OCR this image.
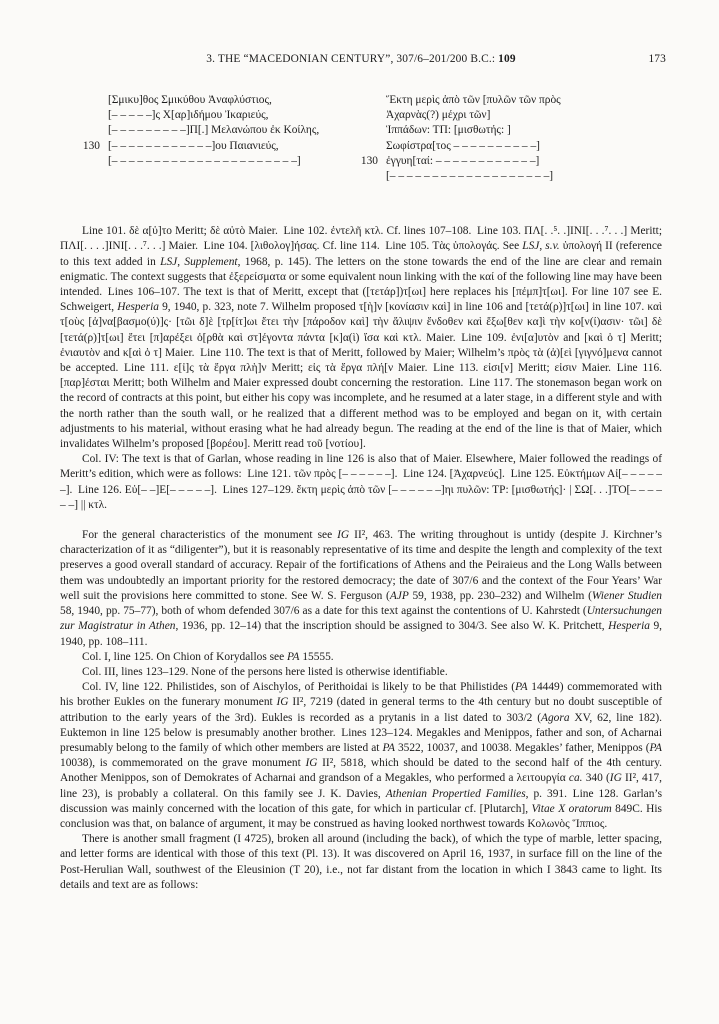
3. THE “MACEDONIAN CENTURY”, 307/6–201/200 B.C.: 109	173
[Σμικυ]θος Σμικύθου Ἀναφλύστιος,
[– – – – –]ς Χ[αρ]ιδήμου Ἰκαριεύς,
[– – – – – – – – –]Π[.] Μελανώπου ἐκ Κοίλης,
130 [– – – – – – – – – – – –]ου Παιανιεύς,
[– – – – – – – – – – – – – – – – – – – – – –]
Ἕκτη μερὶς ἀπὸ τῶν [πυλῶν τῶν πρὸς
Ἀχαρνὰς(?) μέχρι τῶν]
Ἱππάδων: ΤΠ: [μισθωτής: ]
Σωφίστρα[τος – – – – – – – – – –]
130 ἐγγυη[ταί: – – – – – – – – – – – –]
[– – – – – – – – – – – – – – – – – – –]

Line 101. δὲ α[ὐ]το Meritt; δὲ αὐτὸ Maier. Line 102. ἐντελῆ κτλ. Cf. lines 107–108. Line 103. ΠΛ[. .⁵. .]ΙΝΙ[. . .⁷. . .] Meritt; ΠΛΙ[. . . .]ΙΝΙ[. . .⁷. . .] Maier. Line 104. [λιθολογ]ήσας. Cf. line 114. Line 105. Τὰς ὑπολογάς. See LSJ, s.v. ὑπολογή II (reference to this text added in LSJ, Supplement, 1968, p. 145). The letters on the stone towards the end of the line are clear and remain enigmatic. The context suggests that ἐξερείσματα or some equivalent noun linking with the καί of the following line may have been intended. Lines 106–107. The text is that of Meritt, except that ([τετάρ])τ[ωι] here replaces his [πέμπ]τ[ωι]. For line 107 see E. Schweigert, Hesperia 9, 1940, p. 323, note 7. Wilhelm proposed τ[ὴ]ν [κονίασιν καὶ] in line 106 and [τετά(ρ)]τ[ωι] in line 107. καὶ τ[οὺς [ἀ]να[βασμο(ύ)]ς· [τῶι δ]ὲ [τρ[ίτ]ωι ἔτει τὴν [πάροδον καὶ] τὴν ἄλιψιν ἔνδοθεν καὶ ἔξω[θεν κα]ὶ τὴν κο[ν(ί)ασιν· τῶι] δὲ [τετά(ρ)]τ[ωι] ἔτει [π]αρέξει ὀ[ρθὰ καὶ στ]έγοντα πάντα [κ]α(ὶ) ἴσα καὶ κτλ. Maier. Line 109. ἐνι[α]υτὸν and [καὶ ὁ τ] Meritt; ἐνιαυτὸν and κ[αὶ ὁ τ] Maier. Line 110. The text is that of Meritt, followed by Maier; Wilhelm’s πρὸς τὰ (ἀ)[εὶ [γιγνό]μενα cannot be accepted. Line 111. ε[ἰ]ς τὰ ἔργα πλὴ]ν Meritt; εἰς τὰ ἔργα πλή[ν Maier. Line 113. εἰσι[ν] Meritt; εἰσιν Maier. Line 116. [παρ]έσται Meritt; both Wilhelm and Maier expressed doubt concerning the restoration. Line 117. The stonemason began work on the record of contracts at this point, but either his copy was incomplete, and he resumed at a later stage, in a different style and with the north rather than the south wall, or he realized that a different method was to be employed and began on it, with certain adjustments to his material, without erasing what he had already begun. The reading at the end of the line is that of Maier, which invalidates Wilhelm’s proposed [βορέου]. Meritt read τοῦ [νοτίου].

Col. IV: The text is that of Garlan, whose reading in line 126 is also that of Maier. Elsewhere, Maier followed the readings of Meritt’s edition, which were as follows: Line 121. τῶν πρὸς [– – – – – –]. Line 124. [Ἀχαρνεύς]. Line 125. Εὐκτήμων Αἰ[– – – – – –]. Line 126. Εὐ[– –]Ε[– – – – –]. Lines 127–129. ἕκτη μερὶς ἀπὸ τῶν [– – – – – –]ηι πυλῶν: ΤΡ: [μισθωτής]· | ΣΩ[. . .]ΤΟ[– – – – – –] || κτλ.

For the general characteristics of the monument see IG II², 463. The writing throughout is untidy (despite J. Kirchner’s characterization of it as “diligenter”), but it is reasonably representative of its time and despite the length and complexity of the text preserves a good overall standard of accuracy. Repair of the fortifications of Athens and the Peiraieus and the Long Walls between them was undoubtedly an important priority for the restored democracy; the date of 307/6 and the context of the Four Years’ War well suit the provisions here committed to stone. See W. S. Ferguson (AJP 59, 1938, pp. 230–232) and Wilhelm (Wiener Studien 58, 1940, pp. 75–77), both of whom defended 307/6 as a date for this text against the contentions of U. Kahrstedt (Untersuchungen zur Magistratur in Athen, 1936, pp. 12–14) that the inscription should be assigned to 304/3. See also W. K. Pritchett, Hesperia 9, 1940, pp. 108–111.

Col. I, line 125. On Chion of Korydallos see PA 15555.

Col. III, lines 123–129. None of the persons here listed is otherwise identifiable.

Col. IV, line 122. Philistides, son of Aischylos, of Perithoidai is likely to be that Philistides (PA 14449) commemorated with his brother Eukles on the funerary monument IG II², 7219 (dated in general terms to the 4th century but no doubt susceptible of attribution to the early years of the 3rd). Eukles is recorded as a prytanis in a list dated to 303/2 (Agora XV, 62, line 182). Euktemon in line 125 below is presumably another brother. Lines 123–124. Megakles and Menippos, father and son, of Acharnai presumably belong to the family of which other members are listed at PA 3522, 10037, and 10038. Megakles’ father, Menippos (PA 10038), is commemorated on the grave monument IG II², 5818, which should be dated to the second half of the 4th century. Another Menippos, son of Demokrates of Acharnai and grandson of a Megakles, who performed a λειτουργία ca. 340 (IG II², 417, line 23), is probably a collateral. On this family see J. K. Davies, Athenian Propertied Families, p. 391. Line 128. Garlan’s discussion was mainly concerned with the location of this gate, for which in particular cf. [Plutarch], Vitae X oratorum 849C. His conclusion was that, on balance of argument, it may be construed as having looked northwest towards Κολωνὸς Ἵππιος.

There is another small fragment (I 4725), broken all around (including the back), of which the type of marble, letter spacing, and letter forms are identical with those of this text (Pl. 13). It was discovered on April 16, 1937, in surface fill on the line of the Post-Herulian Wall, southwest of the Eleusinion (T 20), i.e., not far distant from the location in which I 3843 came to light. Its details and text are as follows:
